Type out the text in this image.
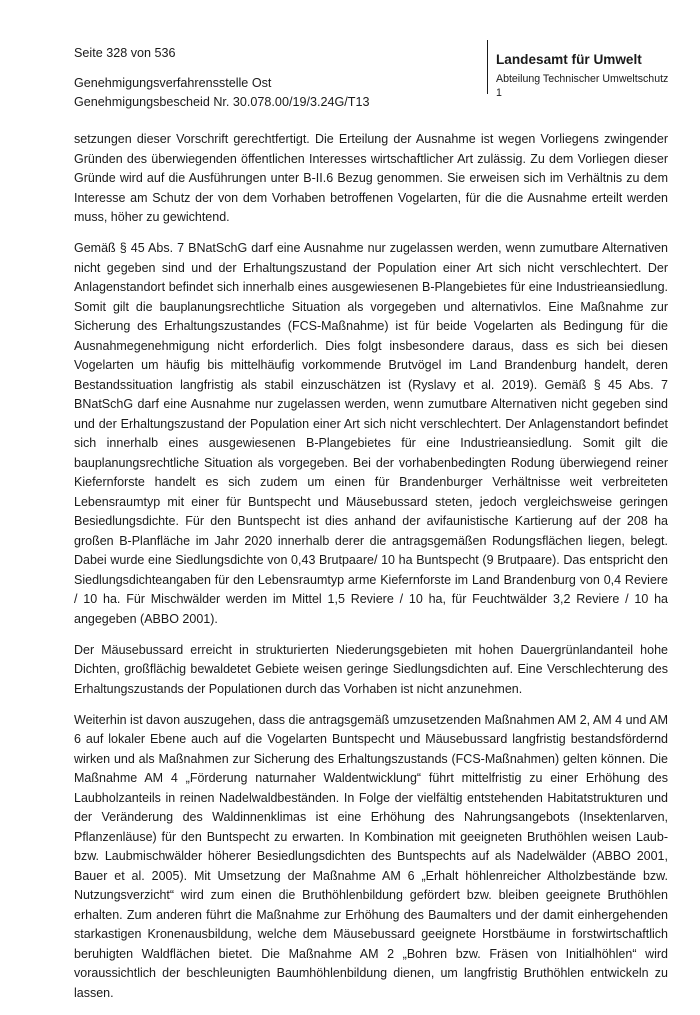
Seite 328 von 536
Genehmigungsverfahrensstelle Ost
Genehmigungsbescheid Nr. 30.078.00/19/3.24G/T13
Landesamt für Umwelt
Abteilung Technischer Umweltschutz 1

setzungen dieser Vorschrift gerechtfertigt. Die Erteilung der Ausnahme ist wegen Vorliegens zwingender Gründen des überwiegenden öffentlichen Interesses wirtschaftlicher Art zulässig. Zu dem Vorliegen dieser Gründe wird auf die Ausführungen unter B-II.6 Bezug genommen. Sie erweisen sich im Verhältnis zu dem Interesse am Schutz der von dem Vorhaben betroffenen Vogelarten, für die die Ausnahme erteilt werden muss, höher zu gewichtend.

Gemäß § 45 Abs. 7 BNatSchG darf eine Ausnahme nur zugelassen werden, wenn zumutbare Alternativen nicht gegeben sind und der Erhaltungszustand der Population einer Art sich nicht verschlechtert. Der Anlagenstandort befindet sich innerhalb eines ausgewiesenen B-Plangebietes für eine Industrieansiedlung. Somit gilt die bauplanungsrechtliche Situation als vorgegeben und alternativlos. Eine Maßnahme zur Sicherung des Erhaltungszustandes (FCS-Maßnahme) ist für beide Vogelarten als Bedingung für die Ausnahmegenehmigung nicht erforderlich. Dies folgt insbesondere daraus, dass es sich bei diesen Vogelarten um häufig bis mittelhäufig vorkommende Brutvögel im Land Brandenburg handelt, deren Bestandssituation langfristig als stabil einzuschätzen ist (Ryslavy et al. 2019). Gemäß § 45 Abs. 7 BNatSchG darf eine Ausnahme nur zugelassen werden, wenn zumutbare Alternativen nicht gegeben sind und der Erhaltungszustand der Population einer Art sich nicht verschlechtert. Der Anlagenstandort befindet sich innerhalb eines ausgewiesenen B-Plangebietes für eine Industrieansiedlung. Somit gilt die bauplanungsrechtliche Situation als vorgegeben. Bei der vorhabenbedingten Rodung überwiegend reiner Kiefernforste handelt es sich zudem um einen für Brandenburger Verhältnisse weit verbreiteten Lebensraumtyp mit einer für Buntspecht und Mäusebussard steten, jedoch vergleichsweise geringen Besiedlungsdichte. Für den Buntspecht ist dies anhand der avifaunistische Kartierung auf der 208 ha großen B-Planfläche im Jahr 2020 innerhalb derer die antragsgemäßen Rodungsflächen liegen, belegt. Dabei wurde eine Siedlungsdichte von 0,43 Brutpaare/ 10 ha Buntspecht (9 Brutpaare). Das entspricht den Siedlungsdichteangaben für den Lebensraumtyp arme Kiefernforste im Land Brandenburg von 0,4 Reviere / 10 ha. Für Mischwälder werden im Mittel 1,5 Reviere / 10 ha, für Feuchtwälder 3,2 Reviere / 10 ha angegeben (ABBO 2001).

Der Mäusebussard erreicht in strukturierten Niederungsgebieten mit hohen Dauergrünlandanteil hohe Dichten, großflächig bewaldetet Gebiete weisen geringe Siedlungsdichten auf. Eine Verschlechterung des Erhaltungszustands der Populationen durch das Vorhaben ist nicht anzunehmen.

Weiterhin ist davon auszugehen, dass die antragsgemäß umzusetzenden Maßnahmen AM 2, AM 4 und AM 6 auf lokaler Ebene auch auf die Vogelarten Buntspecht und Mäusebussard langfristig bestandsfördernd wirken und als Maßnahmen zur Sicherung des Erhaltungszustands (FCS-Maßnahmen) gelten können. Die Maßnahme AM 4 „Förderung naturnaher Waldentwicklung“ führt mittelfristig zu einer Erhöhung des Laubholzanteils in reinen Nadelwaldbeständen. In Folge der vielfältig entstehenden Habitatstrukturen und der Veränderung des Waldinnenklimas ist eine Erhöhung des Nahrungsangebots (Insektenlarven, Pflanzenläuse) für den Buntspecht zu erwarten. In Kombination mit geeigneten Bruthöhlen weisen Laub- bzw. Laubmischwälder höherer Besiedlungsdichten des Buntspechts auf als Nadelwälder (ABBO 2001, Bauer et al. 2005). Mit Umsetzung der Maßnahme AM 6 „Erhalt höhlenreicher Altholzbestände bzw. Nutzungsverzicht“ wird zum einen die Bruthöhlenbildung gefördert bzw. bleiben geeignete Bruthöhlen erhalten. Zum anderen führt die Maßnahme zur Erhöhung des Baumalters und der damit einhergehenden starkastigen Kronenausbildung, welche dem Mäusebussard geeignete Horstbäume in forstwirtschaftlich beruhigten Waldflächen bietet. Die Maßnahme AM 2 „Bohren bzw. Fräsen von Initialhöhlen“ wird voraussichtlich der beschleunigten Baumhöhlenbildung dienen, um langfristig Bruthöhlen entwickeln zu lassen.
